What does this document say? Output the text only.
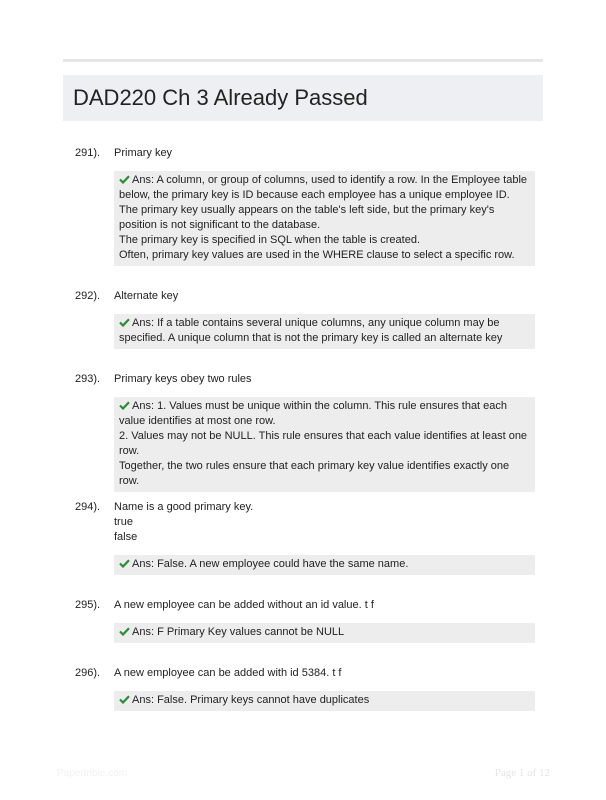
DAD220 Ch 3 Already Passed
291). Primary key

Ans: A column, or group of columns, used to identify a row. In the Employee table below, the primary key is ID because each employee has a unique employee ID. The primary key usually appears on the table's left side, but the primary key's position is not significant to the database.

The primary key is specified in SQL when the table is created.

Often, primary key values are used in the WHERE clause to select a specific row.

292). Alternate key

Ans: If a table contains several unique columns, any unique column may be specified. A unique column that is not the primary key is called an alternate key

293). Primary keys obey two rules

Ans: 1. Values must be unique within the column. This rule ensures that each value identifies at most one row.

2. Values may not be NULL. This rule ensures that each value identifies at least one row.

Together, the two rules ensure that each primary key value identifies exactly one row.

294). Name is a good primary key.
true
false

Ans: False. A new employee could have the same name.

295). A new employee can be added without an id value. t f

Ans: F Primary Key values cannot be NULL

296). A new employee can be added with id 5384. t f

Ans: False. Primary keys cannot have duplicates

Papertrible.com	Page 1 of 12
